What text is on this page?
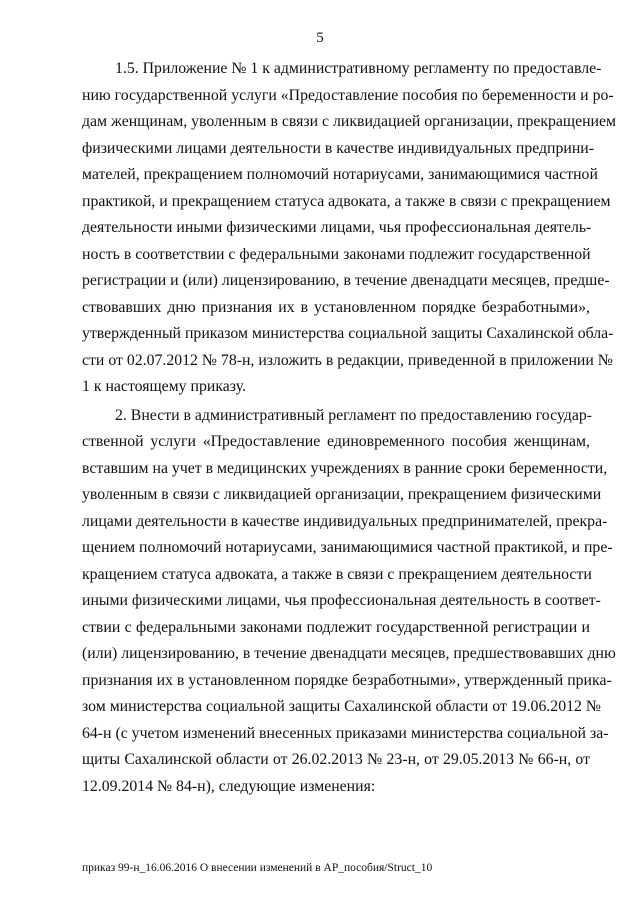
5
1.5. Приложение № 1 к административному регламенту по предоставле-
нию государственной услуги «Предоставление пособия по беременности и ро-
дам женщинам, уволенным в связи с ликвидацией организации, прекращением
физическими лицами деятельности в качестве индивидуальных предприни-
мателей, прекращением полномочий нотариусами, занимающимися частной
практикой, и прекращением статуса адвоката, а также в связи с прекращением
деятельности иными физическими лицами, чья профессиональная деятель-
ность в соответствии с федеральными законами подлежит государственной
регистрации и (или) лицензированию, в течение двенадцати месяцев, предше-
ствовавших дню признания их в установленном порядке безработными»,
утвержденный приказом министерства социальной защиты Сахалинской обла-
сти от 02.07.2012 № 78-н, изложить в редакции, приведенной в приложении №
1 к настоящему приказу.
2. Внести в административный регламент по предоставлению государ-
ственной услуги «Предоставление единовременного пособия женщинам,
вставшим на учет в медицинских учреждениях в ранние сроки беременности,
уволенным в связи с ликвидацией организации, прекращением физическими
лицами деятельности в качестве индивидуальных предпринимателей, прекра-
щением полномочий нотариусами, занимающимися частной практикой, и пре-
кращением статуса адвоката, а также в связи с прекращением деятельности
иными физическими лицами, чья профессиональная деятельность в соответ-
ствии с федеральными законами подлежит государственной регистрации и
(или) лицензированию, в течение двенадцати месяцев, предшествовавших дню
признания их в установленном порядке безработными», утвержденный прика-
зом министерства социальной защиты Сахалинской области от 19.06.2012 №
64-н (с учетом изменений внесенных приказами министерства социальной за-
щиты Сахалинской области от 26.02.2013 № 23-н, от 29.05.2013 № 66-н, от
12.09.2014 № 84-н), следующие изменения:
приказ 99-н_16.06.2016 О внесении изменений в АР_пособия/Struct_10
